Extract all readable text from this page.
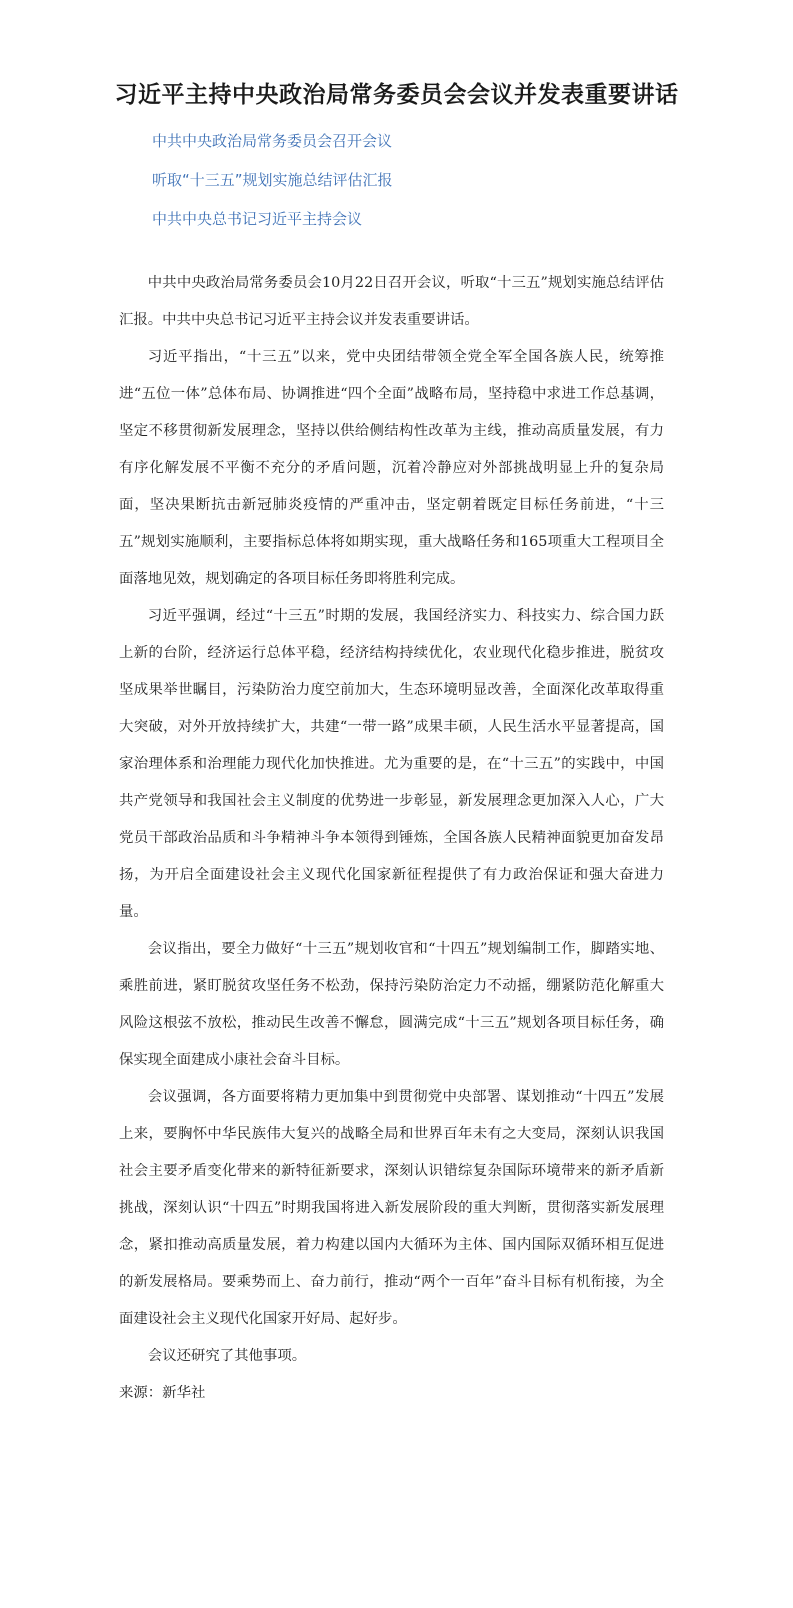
习近平主持中央政治局常务委员会会议并发表重要讲话
中共中央政治局常务委员会召开会议
听取“十三五”规划实施总结评估汇报
中共中央总书记习近平主持会议

中共中央政治局常务委员会10月22日召开会议，听取“十三五”规划实施总结评估汇报。中共中央总书记习近平主持会议并发表重要讲话。

习近平指出，“十三五”以来，党中央团结带领全党全军全国各族人民，统筹推进“五位一体”总体布局、协调推进“四个全面”战略布局，坚持稳中求进工作总基调，坚定不移贯彻新发展理念，坚持以供给侧结构性改革为主线，推动高质量发展，有力有序化解发展不平衡不充分的矛盾问题，沉着冷静应对外部挑战明显上升的复杂局面，坚决果断抗击新冠肺炎疫情的严重冲击，坚定朝着既定目标任务前进，“十三五”规划实施顺利，主要指标总体将如期实现，重大战略任务和165项重大工程项目全面落地见效，规划确定的各项目标任务即将胜利完成。

习近平强调，经过“十三五”时期的发展，我国经济实力、科技实力、综合国力跃上新的台阶，经济运行总体平稳，经济结构持续优化，农业现代化稳步推进，脱贫攻坚成果举世瞩目，污染防治力度空前加大，生态环境明显改善，全面深化改革取得重大突破，对外开放持续扩大，共建“一带一路”成果丰硕，人民生活水平显著提高，国家治理体系和治理能力现代化加快推进。尤为重要的是，在“十三五”的实践中，中国共产党领导和我国社会主义制度的优势进一步彰显，新发展理念更加深入人心，广大党员干部政治品质和斗争精神斗争本领得到锤炼，全国各族人民精神面貌更加奋发昂扬，为开启全面建设社会主义现代化国家新征程提供了有力政治保证和强大奋进力量。

会议指出，要全力做好“十三五”规划收官和“十四五”规划编制工作，脚踏实地、乘胜前进，紧盯脱贫攻坚任务不松劲，保持污染防治定力不动摇，绷紧防范化解重大风险这根弦不放松，推动民生改善不懈怠，圆满完成“十三五”规划各项目标任务，确保实现全面建成小康社会奋斗目标。

会议强调，各方面要将精力更加集中到贯彻党中央部署、谋划推动“十四五”发展上来，要胸怀中华民族伟大复兴的战略全局和世界百年未有之大变局，深刻认识我国社会主要矛盾变化带来的新特征新要求，深刻认识错综复杂国际环境带来的新矛盾新挑战，深刻认识“十四五”时期我国将进入新发展阶段的重大判断，贯彻落实新发展理念，紧扣推动高质量发展，着力构建以国内大循环为主体、国内国际双循环相互促进的新发展格局。要乘势而上、奋力前行，推动“两个一百年”奋斗目标有机衔接，为全面建设社会主义现代化国家开好局、起好步。

会议还研究了其他事项。

来源：新华社
